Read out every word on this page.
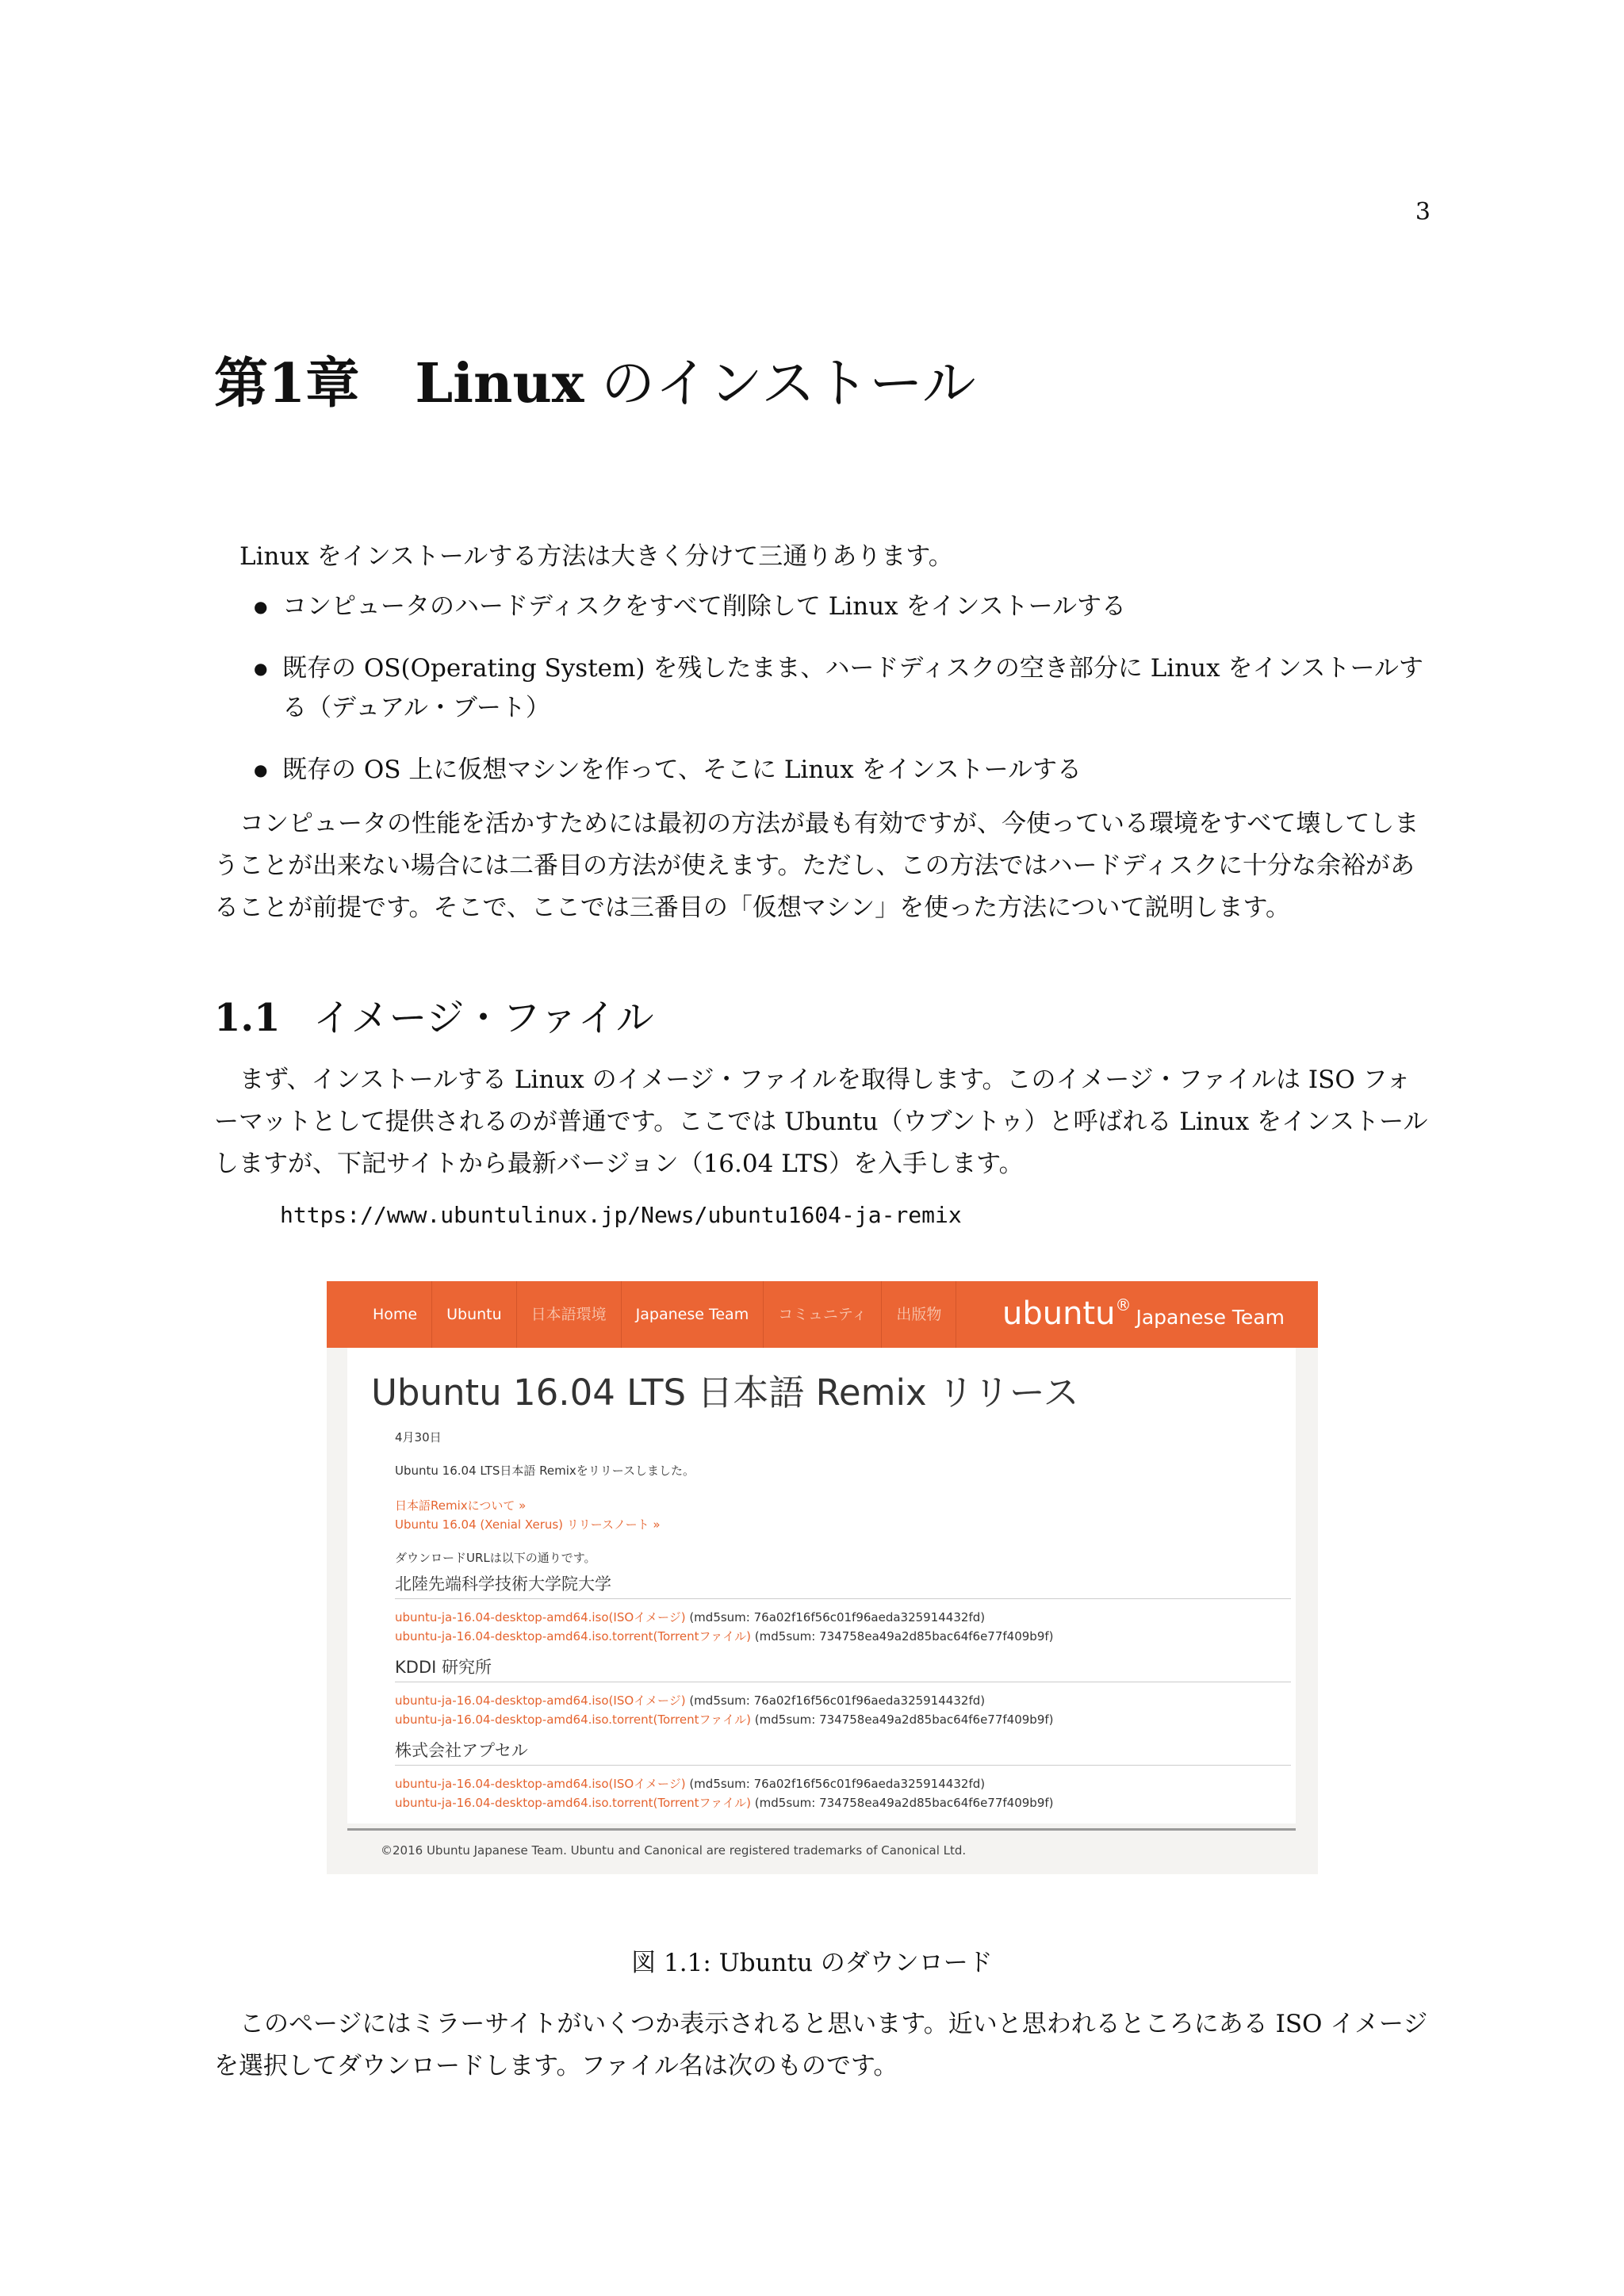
3
第1章 Linux のインストール

Linux をインストールする方法は大きく分けて三通りあります。

● コンピュータのハードディスクをすべて削除して Linux をインストールする
● 既存の OS(Operating System) を残したまま、ハードディスクの空き部分に Linux をインストールする（デュアル・ブート）
● 既存の OS 上に仮想マシンを作って、そこに Linux をインストールする

コンピュータの性能を活かすためには最初の方法が最も有効ですが、今使っている環境をすべて壊してしまうことが出来ない場合には二番目の方法が使えます。ただし、この方法ではハードディスクに十分な余裕があることが前提です。そこで、ここでは三番目の「仮想マシン」を使った方法について説明します。

1.1 イメージ・ファイル

まず、インストールする Linux のイメージ・ファイルを取得します。このイメージ・ファイルは ISO フォーマットとして提供されるのが普通です。ここでは Ubuntu（ウブントゥ）と呼ばれる Linux をインストールしますが、下記サイトから最新バージョン（16.04 LTS）を入手します。

https://www.ubuntulinux.jp/News/ubuntu1604-ja-remix
Home	Ubuntu	日本語環境	Japanese Team	コミュニティ	出版物	ubuntu®Japanese Team
Ubuntu 16.04 LTS 日本語 Remix リリース
4月30日
Ubuntu 16.04 LTS日本語 Remixをリリースしました。
日本語Remixについて »
Ubuntu 16.04 (Xenial Xerus) リリースノート »
ダウンロードURLは以下の通りです。
北陸先端科学技術大学院大学
ubuntu-ja-16.04-desktop-amd64.iso(ISOイメージ) (md5sum: 76a02f16f56c01f96aeda325914432fd)
ubuntu-ja-16.04-desktop-amd64.iso.torrent(Torrentファイル) (md5sum: 734758ea49a2d85bac64f6e77f409b9f)
KDDI 研究所
ubuntu-ja-16.04-desktop-amd64.iso(ISOイメージ) (md5sum: 76a02f16f56c01f96aeda325914432fd)
ubuntu-ja-16.04-desktop-amd64.iso.torrent(Torrentファイル) (md5sum: 734758ea49a2d85bac64f6e77f409b9f)
株式会社アプセル
ubuntu-ja-16.04-desktop-amd64.iso(ISOイメージ) (md5sum: 76a02f16f56c01f96aeda325914432fd)
ubuntu-ja-16.04-desktop-amd64.iso.torrent(Torrentファイル) (md5sum: 734758ea49a2d85bac64f6e77f409b9f)
©2016 Ubuntu Japanese Team. Ubuntu and Canonical are registered trademarks of Canonical Ltd.
図 1.1: Ubuntu のダウンロード

このページにはミラーサイトがいくつか表示されると思います。近いと思われるところにある ISO イメージを選択してダウンロードします。ファイル名は次のものです。
